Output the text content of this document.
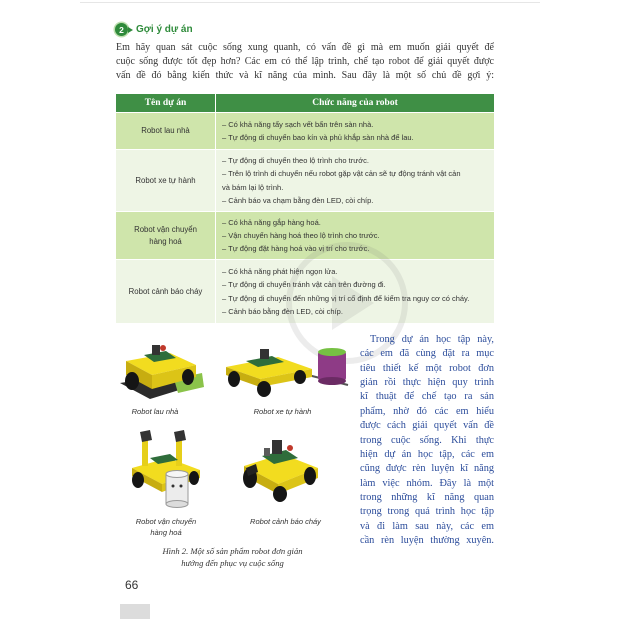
2 Gợi ý dự án
Em hãy quan sát cuộc sống xung quanh, có vấn đề gì mà em muốn giải quyết để
cuộc sống được tốt đẹp hơn? Các em có thể lập trình, chế tạo robot để giải quyết được
vấn đề đó bằng kiến thức và kĩ năng của mình. Sau đây là một số chủ đề gợi ý:
Tên dự án	Chức năng của robot
Robot lau nhà
– Có khả năng tẩy sạch vết bẩn trên sàn nhà.
– Tự động di chuyển bao kín và phủ khắp sàn nhà để lau.
Robot xe tự hành
– Tự động di chuyển theo lộ trình cho trước.
– Trên lộ trình di chuyển nếu robot gặp vật cản sẽ tự động tránh vật cản
và bám lại lộ trình.
– Cảnh báo va chạm bằng đèn LED, còi chíp.
Robot vận chuyển
hàng hoá
– Có khả năng gắp hàng hoá.
– Vận chuyển hàng hoá theo lộ trình cho trước.
– Tự động đặt hàng hoá vào vị trí cho trước.
Robot cảnh báo cháy
– Có khả năng phát hiện ngọn lửa.
– Tự động di chuyển tránh vật cản trên đường đi.
– Tự động di chuyển đến những vị trí cố định để kiểm tra nguy cơ có cháy.
– Cảnh báo bằng đèn LED, còi chíp.
Robot lau nhà	Robot xe tự hành
Robot vận chuyển
hàng hoá
Robot cảnh báo cháy
Hình 2. Một số sản phẩm robot đơn giản
hướng đến phục vụ cuộc sống
Trong dự án học tập này,
các em đã cùng đặt ra mục
tiêu thiết kế một robot đơn
giản rồi thực hiện quy trình
kĩ thuật để chế tạo ra sản
phẩm, nhờ đó các em hiểu
được cách giải quyết vấn đề
trong cuộc sống. Khi thực
hiện dự án học tập, các em
cũng được rèn luyện kĩ năng
làm việc nhóm. Đây là một
trong những kĩ năng quan
trọng trong quá trình học tập
và đi làm sau này, các em
cần rèn luyện thường xuyên.
66
